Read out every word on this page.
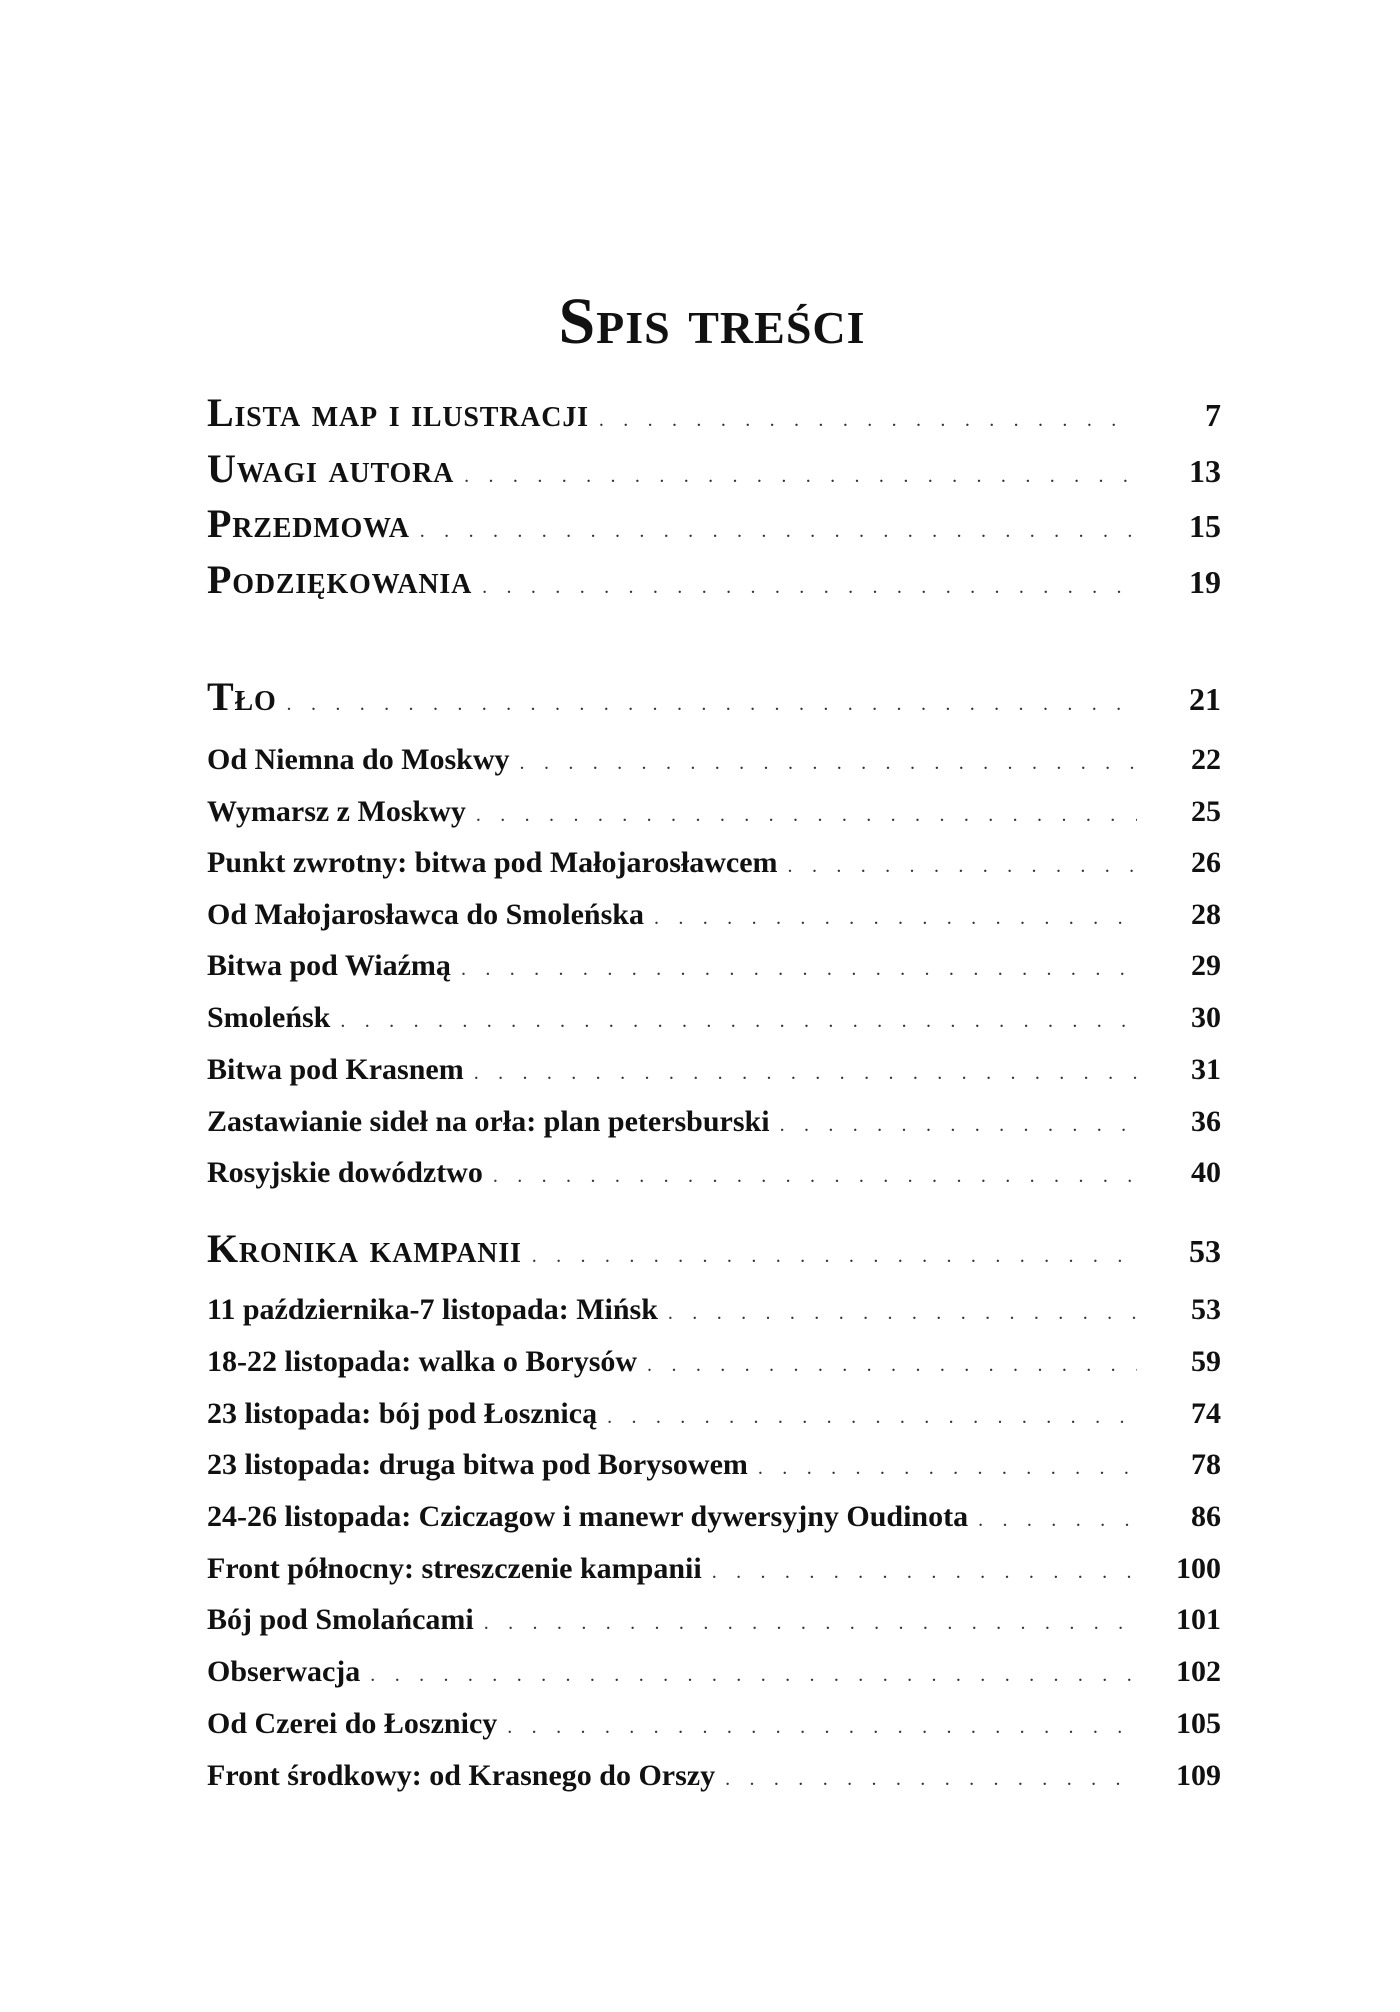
Spis treści
Lista map i ilustracji . . .	7
Uwagi autora . . .	13
Przedmowa . . .	15
Podziękowania . . .	19
Tło . . .	21
Od Niemna do Moskwy . . .	22
Wymarsz z Moskwy . . .	25
Punkt zwrotny: bitwa pod Małojarosławcem . . .	26
Od Małojarosławca do Smoleńska . . .	28
Bitwa pod Wiaźmą . . .	29
Smoleńsk . . .	30
Bitwa pod Krasnem . . .	31
Zastawianie sideł na orła: plan petersburski . . .	36
Rosyjskie dowództwo . . .	40
Kronika kampanii . . .	53
11 października-7 listopada: Mińsk . . .	53
18-22 listopada: walka o Borysów . . .	59
23 listopada: bój pod Łosznicą . . .	74
23 listopada: druga bitwa pod Borysowem . . .	78
24-26 listopada: Cziczagow i manewr dywersyjny Oudinota . . .	86
Front północny: streszczenie kampanii . . .	100
Bój pod Smolańcami . . .	101
Obserwacja . . .	102
Od Czerei do Łosznicy . . .	105
Front środkowy: od Krasnego do Orszy . . .	109
